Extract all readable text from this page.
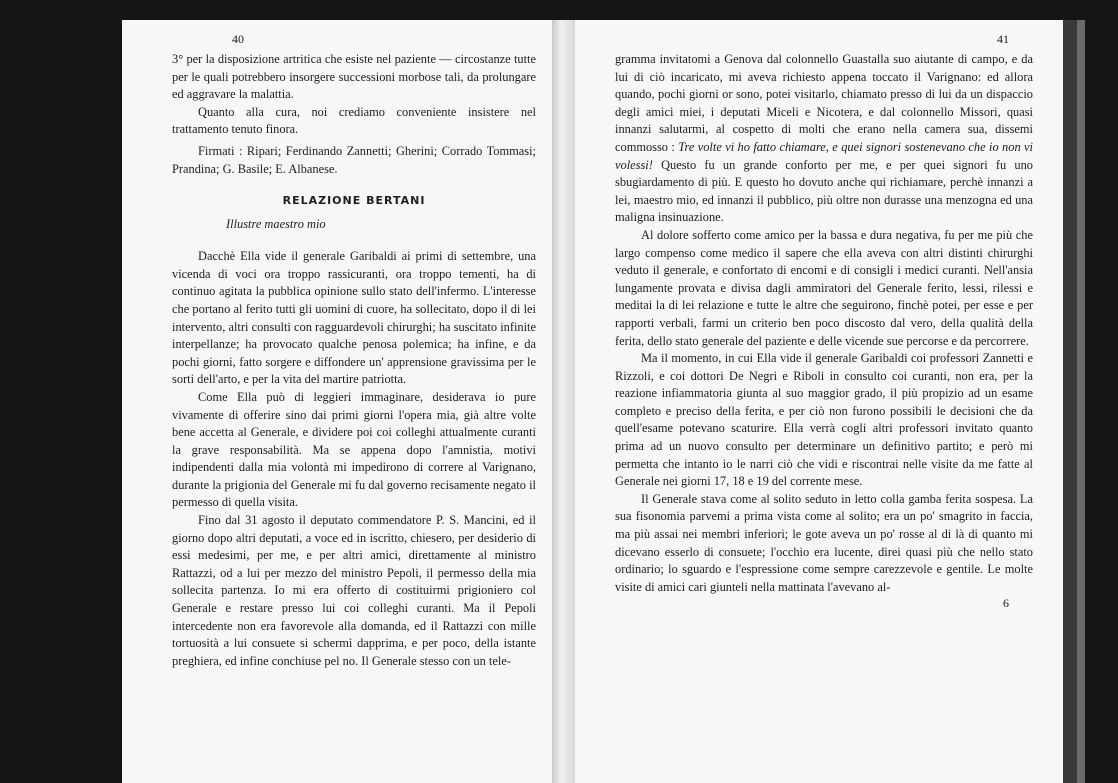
40

3° per la disposizione artritica che esiste nel paziente — circostanze tutte per le quali potrebbero insorgere successioni morbose tali, da prolungare ed aggravare la malattia.

Quanto alla cura, noi crediamo conveniente insistere nel trattamento tenuto finora.

Firmati : Ripari; Ferdinando Zannetti; Gherini; Corrado Tommasi; Prandina; G. Basile; E. Albanese.

RELAZIONE BERTANI
Illustre maestro mio

Dacchè Ella vide il generale Garibaldi ai primi di settembre, una vicenda di voci ora troppo rassicuranti, ora troppo tementi, ha di continuo agitata la pubblica opinione sullo stato dell'infermo. L'interesse che portano al ferito tutti gli uomini di cuore, ha sollecitato, dopo il di lei intervento, altri consulti con ragguardevoli chirurghi; ha suscitato infinite interpellanze; ha provocato qualche penosa polemica; ha infine, e da pochi giorni, fatto sorgere e diffondere un' apprensione gravissima per le sorti dell'arto, e per la vita del martire patriotta.

Come Ella può di leggieri immaginare, desiderava io pure vivamente di offerire sino dai primi giorni l'opera mia, già altre volte bene accetta al Generale, e dividere poi coi colleghi attualmente curanti la grave responsabilità. Ma se appena dopo l'amnistia, motivi indipendenti dalla mia volontà mi impedirono di correre al Varignano, durante la prigionia del Generale mi fu dal governo recisamente negato il permesso di quella visita.

Fino dal 31 agosto il deputato commendatore P. S. Mancini, ed il giorno dopo altri deputati, a voce ed in iscritto, chiesero, per desiderio di essi medesimi, per me, e per altri amici, direttamente al ministro Rattazzi, od a lui per mezzo del ministro Pepoli, il permesso della mia sollecita partenza. Io mi era offerto di costituirmi prigioniero col Generale e restare presso lui coi colleghi curanti. Ma il Pepoli intercedente non era favorevole alla domanda, ed il Rattazzi con mille tortuosità a lui consuete si schermì dapprima, e per poco, della istante preghiera, ed infine conchiuse pel no. Il Generale stesso con un tele-

41

gramma invitatomi a Genova dal colonnello Guastalla suo aiutante di campo, e da lui di ciò incaricato, mi aveva richiesto appena toccato il Varignano: ed allora quando, pochi giorni or sono, potei visitarlo, chiamato presso di lui da un dispaccio degli amici miei, i deputati Miceli e Nicotera, e dal colonnello Missori, quasi innanzi salutarmi, al cospetto di molti che erano nella camera sua, dissemi commosso : Tre volte vi ho fatto chiamare, e quei signori sostenevano che io non vi volessi! Questo fu un grande conforto per me, e per quei signori fu uno sbugiardamento di più. E questo ho dovuto anche qui richiamare, perchè innanzi a lei, maestro mio, ed innanzi il pubblico, più oltre non durasse una menzogna ed una maligna insinuazione.

Al dolore sofferto come amico per la bassa e dura negativa, fu per me più che largo compenso come medico il sapere che ella aveva con altri distinti chirurghi veduto il generale, e confortato di encomi e di consigli i medici curanti. Nell'ansia lungamente provata e divisa dagli ammiratori del Generale ferito, lessi, rilessi e meditai la di lei relazione e tutte le altre che seguirono, finchè potei, per esse e per rapporti verbali, farmi un criterio ben poco discosto dal vero, della qualità della ferita, dello stato generale del paziente e delle vicende sue percorse e da percorrere.

Ma il momento, in cui Ella vide il generale Garibaldi coi professori Zannetti e Rizzoli, e coi dottori De Negri e Riboli in consulto coi curanti, non era, per la reazione infiammatoria giunta al suo maggior grado, il più propizio ad un esame completo e preciso della ferita, e per ciò non furono possibili le decisioni che da quell'esame potevano scaturire. Ella verrà cogli altri professori invitato quanto prima ad un nuovo consulto per determinare un definitivo partito; e però mi permetta che intanto io le narri ciò che vidi e riscontrai nelle visite da me fatte al Generale nei giorni 17, 18 e 19 del corrente mese.

Il Generale stava come al solito seduto in letto colla gamba ferita sospesa. La sua fisonomia parvemi a prima vista come al solito; era un po' smagrito in faccia, ma più assai nei membri inferiori; le gote aveva un po' rosse al di là di quanto mi dicevano esserlo di consuete; l'occhio era lucente, direi quasi più che nello stato ordinario; lo sguardo e l'espressione come sempre carezzevole e gentile. Le molte visite di amici cari giunteli nella mattinata l'avevano al-

6
